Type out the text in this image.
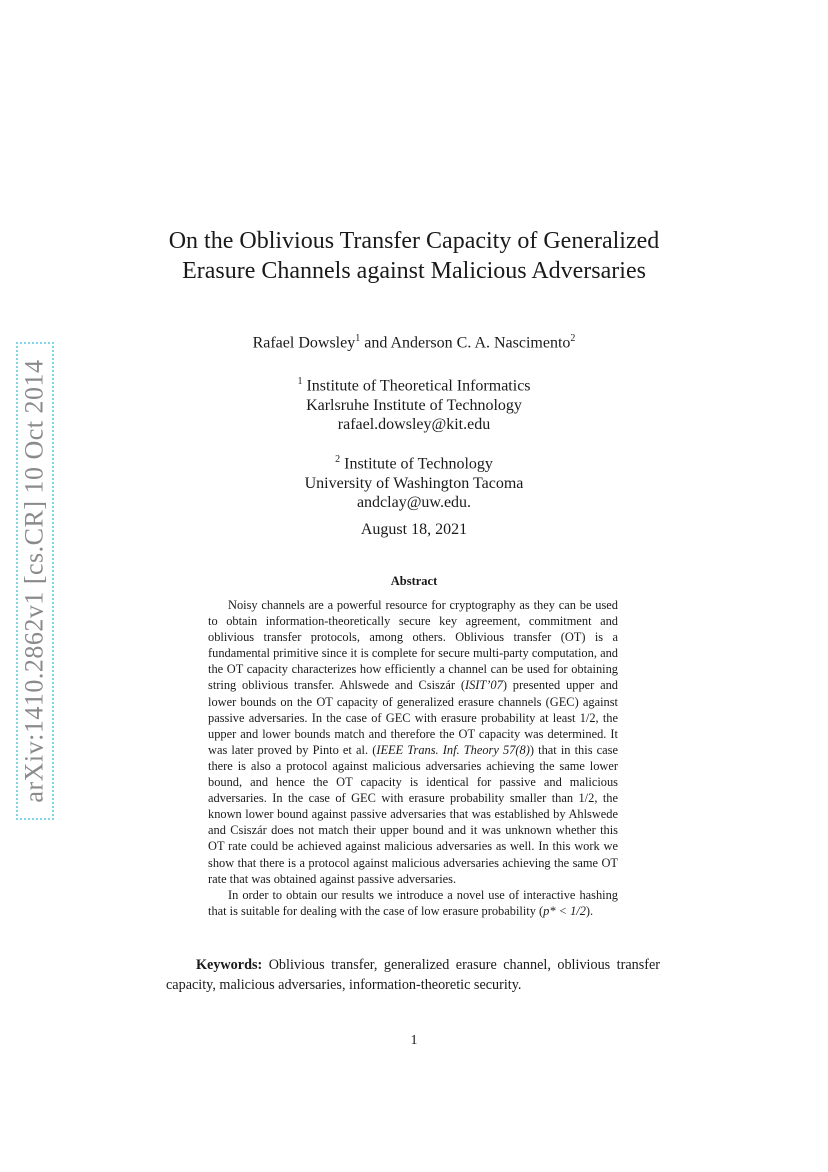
arXiv:1410.2862v1 [cs.CR] 10 Oct 2014
On the Oblivious Transfer Capacity of Generalized Erasure Channels against Malicious Adversaries
Rafael Dowsley$^1$ and Anderson C. A. Nascimento$^2$
$^1$ Institute of Theoretical Informatics
Karlsruhe Institute of Technology
rafael.dowsley@kit.edu
$^2$ Institute of Technology
University of Washington Tacoma
andclay@uw.edu.
August 18, 2021
Abstract

Noisy channels are a powerful resource for cryptography as they can be used to obtain information-theoretically secure key agreement, commitment and oblivious transfer protocols, among others. Oblivious transfer (OT) is a fundamental primitive since it is complete for secure multi-party computation, and the OT capacity characterizes how efficiently a channel can be used for obtaining string oblivious transfer. Ahlswede and Csiszár (ISIT’07) presented upper and lower bounds on the OT capacity of generalized erasure channels (GEC) against passive adversaries. In the case of GEC with erasure probability at least 1/2, the upper and lower bounds match and therefore the OT capacity was determined. It was later proved by Pinto et al. (IEEE Trans. Inf. Theory 57(8)) that in this case there is also a protocol against malicious adversaries achieving the same lower bound, and hence the OT capacity is identical for passive and malicious adversaries. In the case of GEC with erasure probability smaller than 1/2, the known lower bound against passive adversaries that was established by Ahlswede and Csiszár does not match their upper bound and it was unknown whether this OT rate could be achieved against malicious adversaries as well. In this work we show that there is a protocol against malicious adversaries achieving the same OT rate that was obtained against passive adversaries.

In order to obtain our results we introduce a novel use of interactive hashing that is suitable for dealing with the case of low erasure probability (p* < 1/2).

Keywords: Oblivious transfer, generalized erasure channel, oblivious transfer capacity, malicious adversaries, information-theoretic security.
1
